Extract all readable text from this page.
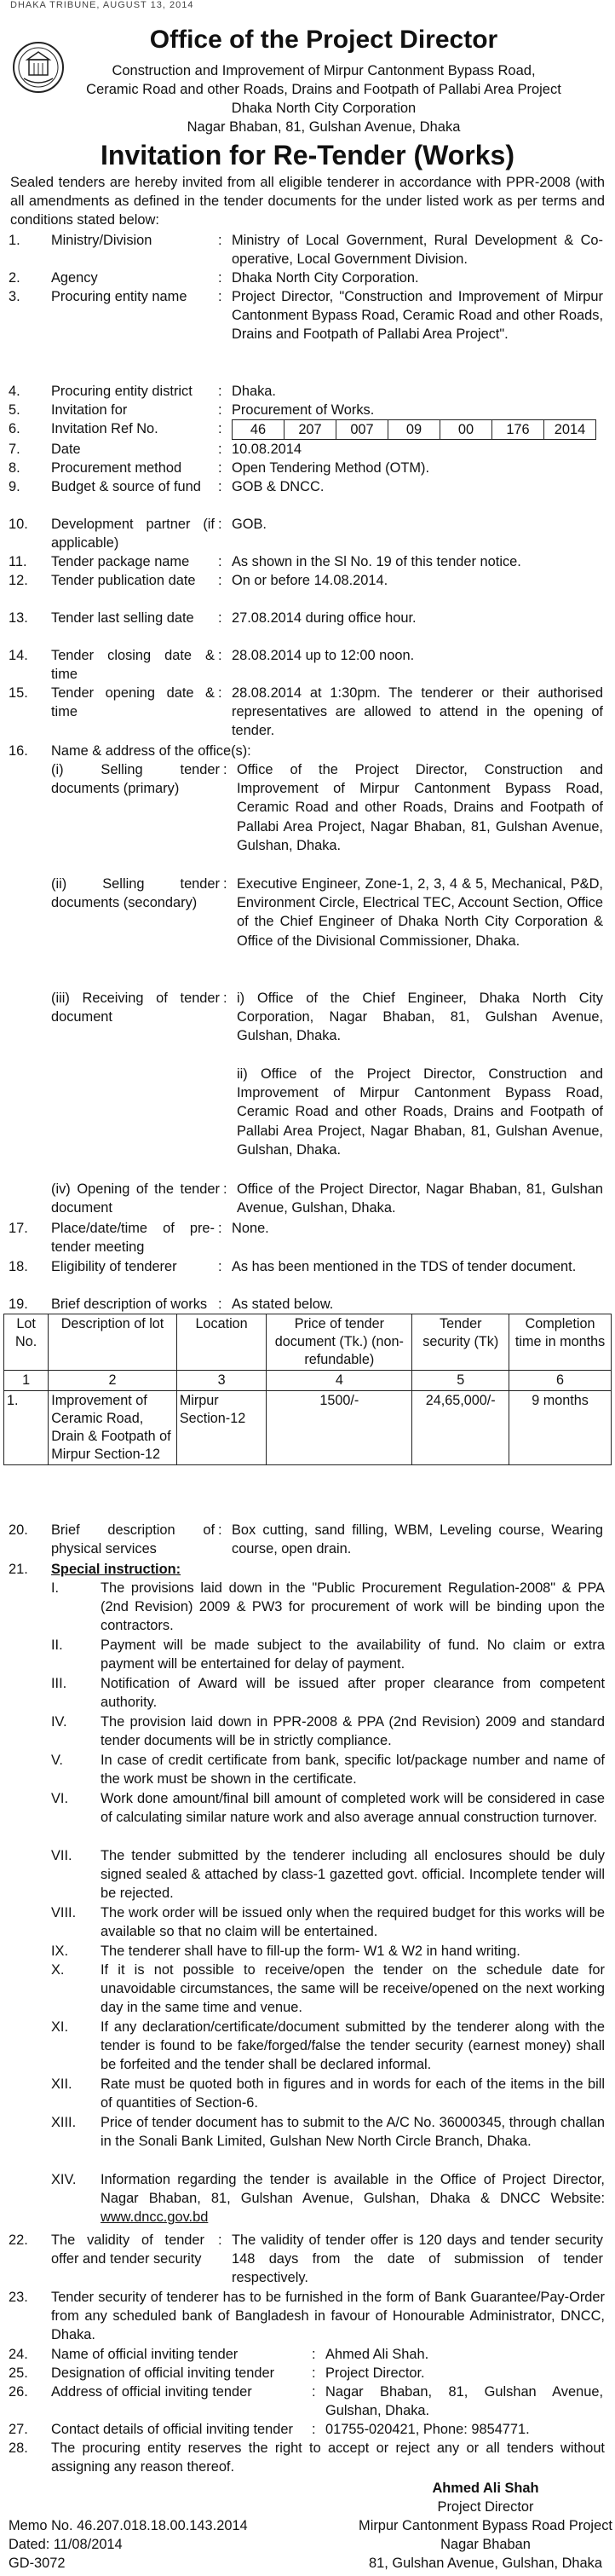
DHAKA TRIBUNE, AUGUST 13, 2014
Office of the Project Director
Construction and Improvement of Mirpur Cantonment Bypass Road,
Ceramic Road and other Roads, Drains and Footpath of Pallabi Area Project
Dhaka North City Corporation
Nagar Bhaban, 81, Gulshan Avenue, Dhaka
Invitation for Re-Tender (Works)
Sealed tenders are hereby invited from all eligible tenderer in accordance with PPR-2008 (with all amendments as defined in the tender documents for the under listed work as per terms and conditions stated below:
1. Ministry/Division	: Ministry of Local Government, Rural Development & Co-operative, Local Government Division.
2. Agency	: Dhaka North City Corporation.
3. Procuring entity name	: Project Director, "Construction and Improvement of Mirpur Cantonment Bypass Road, Ceramic Road and other Roads, Drains and Footpath of Pallabi Area Project".
4. Procuring entity district	: Dhaka.
5. Invitation for	: Procurement of Works.
6. Invitation Ref No.	: 46	207	007	09	00	176	2014
7. Date	: 10.08.2014
8. Procurement method	: Open Tendering Method (OTM).
9. Budget & source of fund	: GOB & DNCC.
10. Development partner (if applicable)
: GOB.
11. Tender package name	: As shown in the Sl No. 19 of this tender notice.
12. Tender publication date	: On or before 14.08.2014.
13. Tender last selling date	: 27.08.2014 during office hour.
14. Tender closing date & time
: 28.08.2014 up to 12:00 noon.
15. Tender opening date & time
: 28.08.2014 at 1:30pm. The tenderer or their authorised representatives are allowed to attend in the opening of tender.
16. Name & address of the office(s):
(i) Selling tender documents (primary)
: Office of the Project Director, Construction and Improvement of Mirpur Cantonment Bypass Road, Ceramic Road and other Roads, Drains and Footpath of Pallabi Area Project, Nagar Bhaban, 81, Gulshan Avenue, Gulshan, Dhaka.
(ii) Selling tender documents (secondary)
: Executive Engineer, Zone-1, 2, 3, 4 & 5, Mechanical, P&D, Environment Circle, Electrical TEC, Account Section, Office of the Chief Engineer of Dhaka North City Corporation & Office of the Divisional Commissioner, Dhaka.
(iii) Receiving of tender document
: i) Office of the Chief Engineer, Dhaka North City Corporation, Nagar Bhaban, 81, Gulshan Avenue, Gulshan, Dhaka.
ii) Office of the Project Director, Construction and Improvement of Mirpur Cantonment Bypass Road, Ceramic Road and other Roads, Drains and Footpath of Pallabi Area Project, Nagar Bhaban, 81, Gulshan Avenue, Gulshan, Dhaka.
(iv) Opening of the tender document
: Office of the Project Director, Nagar Bhaban, 81, Gulshan Avenue, Gulshan, Dhaka.
17. Place/date/time of pre-tender meeting
: None.
18. Eligibility of tenderer	: As has been mentioned in the TDS of tender document.
19. Brief description of works : As stated below.
Lot No.	Description of lot	Location	Price of tender document (Tk.) (non-refundable)	Tender security (Tk)	Completion time in months
1	2	3	4	5	6
1.	Improvement of Ceramic Road, Drain & Footpath of Mirpur Section-12	Mirpur Section-12	1500/-	24,65,000/-	9 months
20. Brief description of physical services
: Box cutting, sand filling, WBM, Leveling course, Wearing course, open drain.
21. Special instruction:
I.	The provisions laid down in the "Public Procurement Regulation-2008" & PPA (2nd Revision) 2009 & PW3 for procurement of work will be binding upon the contractors.
II.	Payment will be made subject to the availability of fund. No claim or extra payment will be entertained for delay of payment.
III. Notification of Award will be issued after proper clearance from competent authority.
IV. The provision laid down in PPR-2008 & PPA (2nd Revision) 2009 and standard tender documents will be in strictly compliance.
V.	In case of credit certificate from bank, specific lot/package number and name of the work must be shown in the certificate.
VI. Work done amount/final bill amount of completed work will be considered in case of calculating similar nature work and also average annual construction turnover.
VII. The tender submitted by the tenderer including all enclosures should be duly signed sealed & attached by class-1 gazetted govt. official. Incomplete tender will be rejected.
VIII. The work order will be issued only when the required budget for this works will be available so that no claim will be entertained.
IX. The tenderer shall have to fill-up the form- W1 & W2 in hand writing.
X.	If it is not possible to receive/open the tender on the schedule date for unavoidable circumstances, the same will be receive/opened on the next working day in the same time and venue.
XI. If any declaration/certificate/document submitted by the tenderer along with the tender is found to be fake/forged/false the tender security (earnest money) shall be forfeited and the tender shall be declared informal.
XII. Rate must be quoted both in figures and in words for each of the items in the bill of quantities of Section-6.
XIII. Price of tender document has to submit to the A/C No. 36000345, through challan in the Sonali Bank Limited, Gulshan New North Circle Branch, Dhaka.
XIV. Information regarding the tender is available in the Office of Project Director, Nagar Bhaban, 81, Gulshan Avenue, Gulshan, Dhaka & DNCC Website: www.dncc.gov.bd
22. The validity of tender offer and tender security
: The validity of tender offer is 120 days and tender security 148 days from the date of submission of tender respectively.
23. Tender security of tenderer has to be furnished in the form of Bank Guarantee/Pay-Order from any scheduled bank of Bangladesh in favour of Honourable Administrator, DNCC, Dhaka.
24. Name of official inviting tender	: Ahmed Ali Shah.
25. Designation of official inviting tender	: Project Director.
26. Address of official inviting tender	: Nagar Bhaban, 81, Gulshan Avenue, Gulshan, Dhaka.
27. Contact details of official inviting tender	: 01755-020421, Phone: 9854771.
28. The procuring entity reserves the right to accept or reject any or all tenders without assigning any reason thereof.
Ahmed Ali Shah
Project Director
Mirpur Cantonment Bypass Road Project
Nagar Bhaban
81, Gulshan Avenue, Gulshan, Dhaka
Memo No. 46.207.018.18.00.143.2014
Dated: 11/08/2014
GD-3072
